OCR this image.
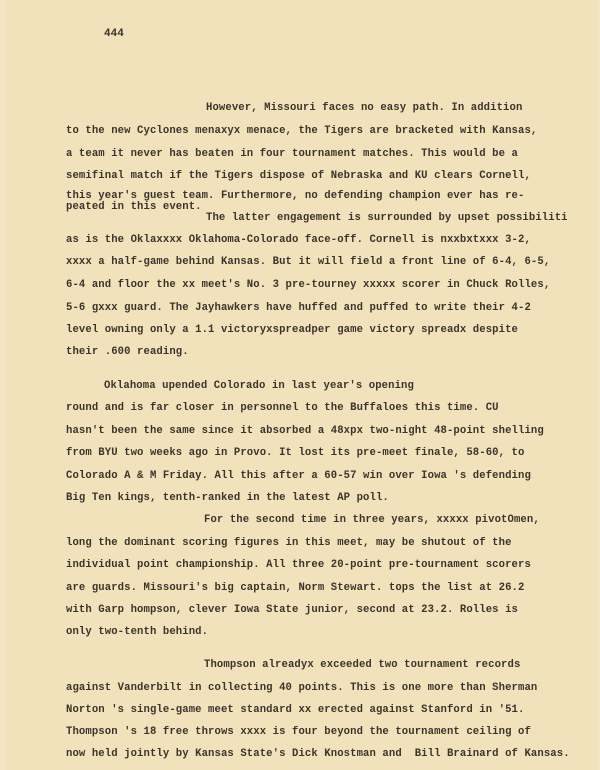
444
However, Missouri faces no easy path. In addition
to the new Cyclones menaxyx menace, the Tigers are bracketed with Kansas,
a team it never has beaten in four tournament matches. This would be a
semifinal match if the Tigers dispose of Nebraska and KU clears Cornell,
this year's guest team. Furthermore, no defending champion ever has re-
peated in this event.
The latter engagement is surrounded by upset possibiliti
as is the Oklaxxxx Oklahoma-Colorado face-off. Cornell is nxxbxtxxx 3-2,
xxxx a half-game behind Kansas. But it will field a front line of 6-4, 6-5,
6-4 and floor the xx meet's No. 3 pre-tourney xxxxx scorer in Chuck Rolles,
5-6 gxxx guard. The Jayhawkers have huffed and puffed to write their 4-2
level owning only a 1.1 victoryxspreadper game victory spreadx despite
their .600 reading.
Oklahoma upended Colorado in last year's opening
round and is far closer in personnel to the Buffaloes this time. CU
hasn't been the same since it absorbed a 48xpx two-night 48-point shelling
from BYU two weeks ago in Provo. It lost its pre-meet finale, 58-60, to
Colorado A & M Friday. All this after a 60-57 win over Iowa 's defending
Big Ten kings, tenth-ranked in the latest AP poll.
For the second time in three years, xxxxx pivotOmen,
long the dominant scoring figures in this meet, may be shutout of the
individual point championship. All three 20-point pre-tournament scorers
are guards. Missouri's big captain, Norm Stewart. tops the list at 26.2
with Garp hompson, clever Iowa State junior, second at 23.2. Rolles is
only two-tenth behind.
Thompson alreadyx exceeded two tournament records
against Vanderbilt in collecting 40 points. This is one more than Sherman
Norton 's single-game meet standard xx erected against Stanford in '51.
Thompson 's 18 free throws xxxx is four beyond the tournament ceiling of
now held jointly by Kansas State's Dick Knostman and  Bill Brainard of Kansas.
